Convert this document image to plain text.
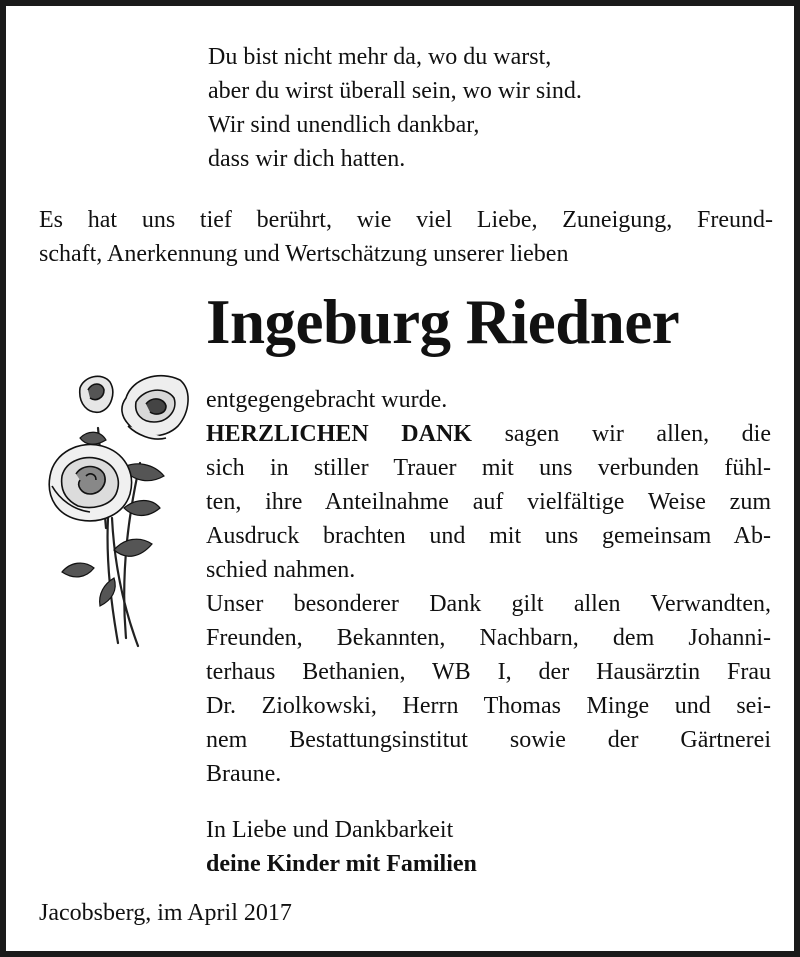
Du bist nicht mehr da, wo du warst,
aber du wirst überall sein, wo wir sind.
Wir sind unendlich dankbar,
dass wir dich hatten.
Es hat uns tief berührt, wie viel Liebe, Zuneigung, Freund-
schaft, Anerkennung und Wertschätzung unserer lieben
Ingeburg Riedner
entgegengebracht wurde.
HERZLICHEN DANK sagen wir allen, die
sich in stiller Trauer mit uns verbunden fühl-
ten, ihre Anteilnahme auf vielfältige Weise zum
Ausdruck brachten und mit uns gemeinsam Ab-
schied nahmen.
Unser besonderer Dank gilt allen Verwandten,
Freunden, Bekannten, Nachbarn, dem Johanni-
terhaus Bethanien, WB I, der Hausärztin Frau
Dr. Ziolkowski, Herrn Thomas Minge und sei-
nem Bestattungsinstitut sowie der Gärtnerei
Braune.
In Liebe und Dankbarkeit
deine Kinder mit Familien
Jacobsberg, im April 2017
